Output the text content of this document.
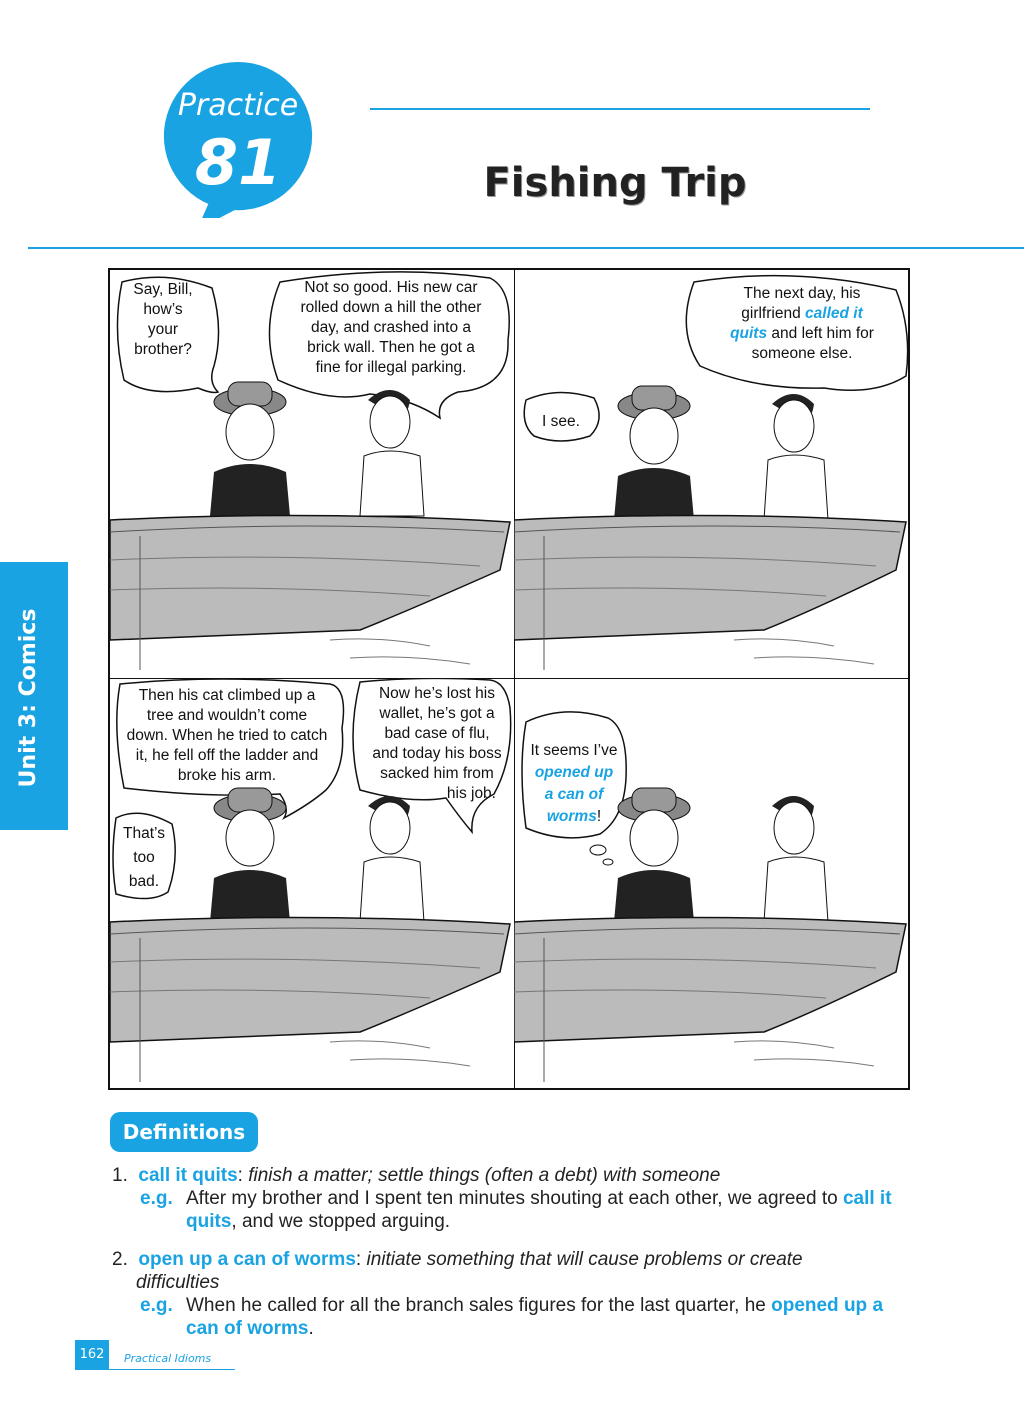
Practice
81	Fishing Trip
Unit 3: Comics
Say, Bill,
how’s
your
brother?
Not so good. His new car
rolled down a hill the other
day, and crashed into a
brick wall. Then he got a
fine for illegal parking.
The next day, his
girlfriend called it
quits and left him for
someone else.
I see.
Then his cat climbed up a
tree and wouldn’t come
down. When he tried to catch
it, he fell off the ladder and
broke his arm.
Now he’s lost his
wallet, he’s got a
bad case of flu,
and today his boss
sacked him from
his job.
That’s
too
bad.
It seems I’ve
opened up
a can of
worms!
Definitions
1. call it quits: finish a matter; settle things (often a debt) with someone
e.g. After my brother and I spent ten minutes shouting at each other, we agreed to call it quits, and we stopped arguing.
2. open up a can of worms: initiate something that will cause problems or create
difficulties
e.g. When he called for all the branch sales figures for the last quarter, he opened up a can of worms.
162	Practical Idioms
